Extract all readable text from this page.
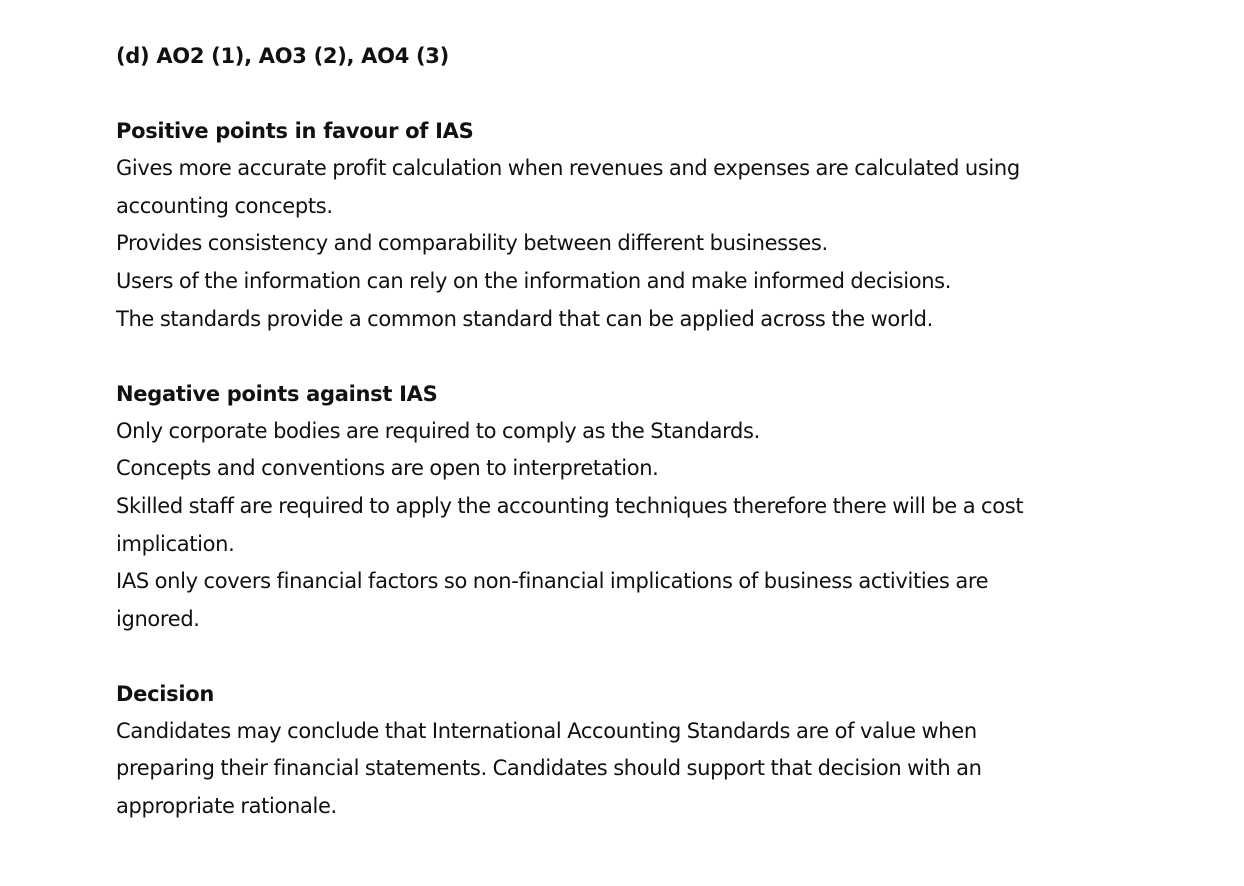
(d) AO2 (1), AO3 (2), AO4 (3)

Positive points in favour of IAS

Gives more accurate profit calculation when revenues and expenses are calculated using accounting concepts.

Provides consistency and comparability between different businesses.

Users of the information can rely on the information and make informed decisions.

The standards provide a common standard that can be applied across the world.

Negative points against IAS

Only corporate bodies are required to comply as the Standards.

Concepts and conventions are open to interpretation.

Skilled staff are required to apply the accounting techniques therefore there will be a cost implication.

IAS only covers financial factors so non-financial implications of business activities are ignored.

Decision

Candidates may conclude that International Accounting Standards are of value when preparing their financial statements. Candidates should support that decision with an appropriate rationale.
